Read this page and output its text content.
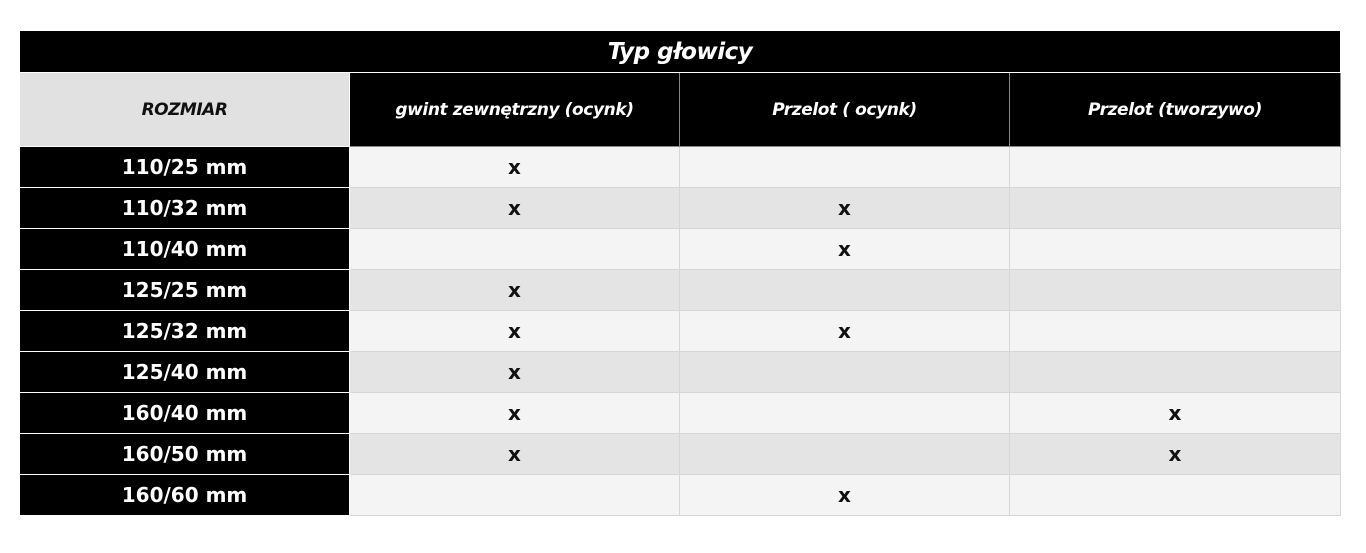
Typ głowicy			
ROZMIAR	gwint zewnętrzny (ocynk)	Przelot ( ocynk)	Przelot (tworzywo)
110/25 mm	x		
110/32 mm	x	x	
110/40 mm		x	
125/25 mm	x		
125/32 mm	x	x	
125/40 mm	x		
160/40 mm	x		x
160/50 mm	x		x
160/60 mm		x	
